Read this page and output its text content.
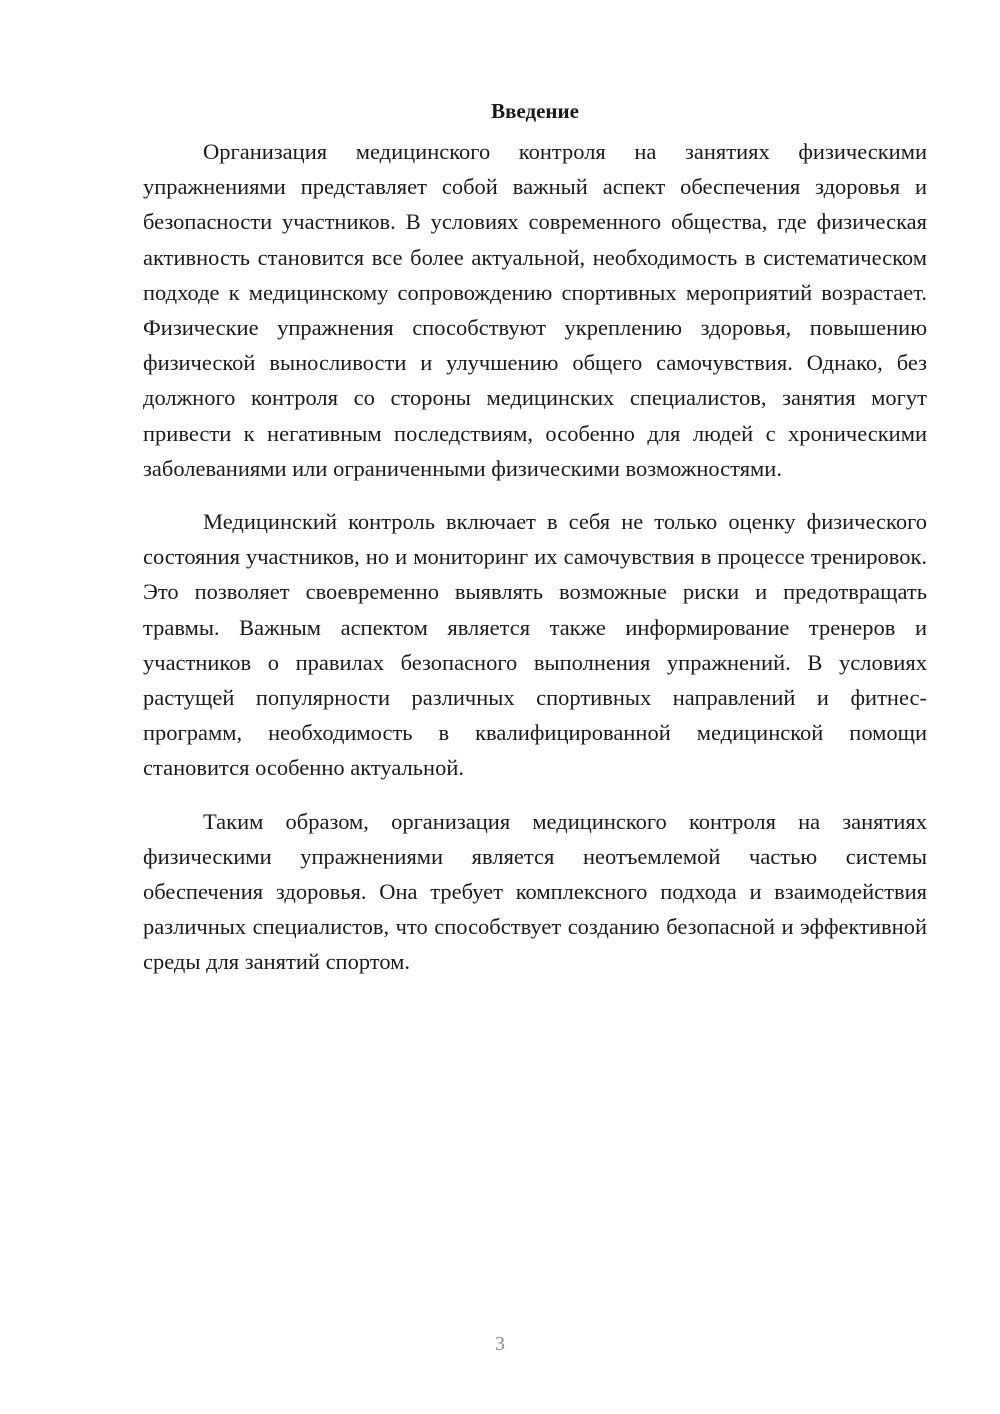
Введение

Организация медицинского контроля на занятиях физическими упражнениями представляет собой важный аспект обеспечения здоровья и безопасности участников. В условиях современного общества, где физическая активность становится все более актуальной, необходимость в систематическом подходе к медицинскому сопровождению спортивных мероприятий возрастает. Физические упражнения способствуют укреплению здоровья, повышению физической выносливости и улучшению общего самочувствия. Однако, без должного контроля со стороны медицинских специалистов, занятия могут привести к негативным последствиям, особенно для людей с хроническими заболеваниями или ограниченными физическими возможностями.

Медицинский контроль включает в себя не только оценку физического состояния участников, но и мониторинг их самочувствия в процессе тренировок. Это позволяет своевременно выявлять возможные риски и предотвращать травмы. Важным аспектом является также информирование тренеров и участников о правилах безопасного выполнения упражнений. В условиях растущей популярности различных спортивных направлений и фитнес-программ, необходимость в квалифицированной медицинской помощи становится особенно актуальной.

Таким образом, организация медицинского контроля на занятиях физическими упражнениями является неотъемлемой частью системы обеспечения здоровья. Она требует комплексного подхода и взаимодействия различных специалистов, что способствует созданию безопасной и эффективной среды для занятий спортом.

3
